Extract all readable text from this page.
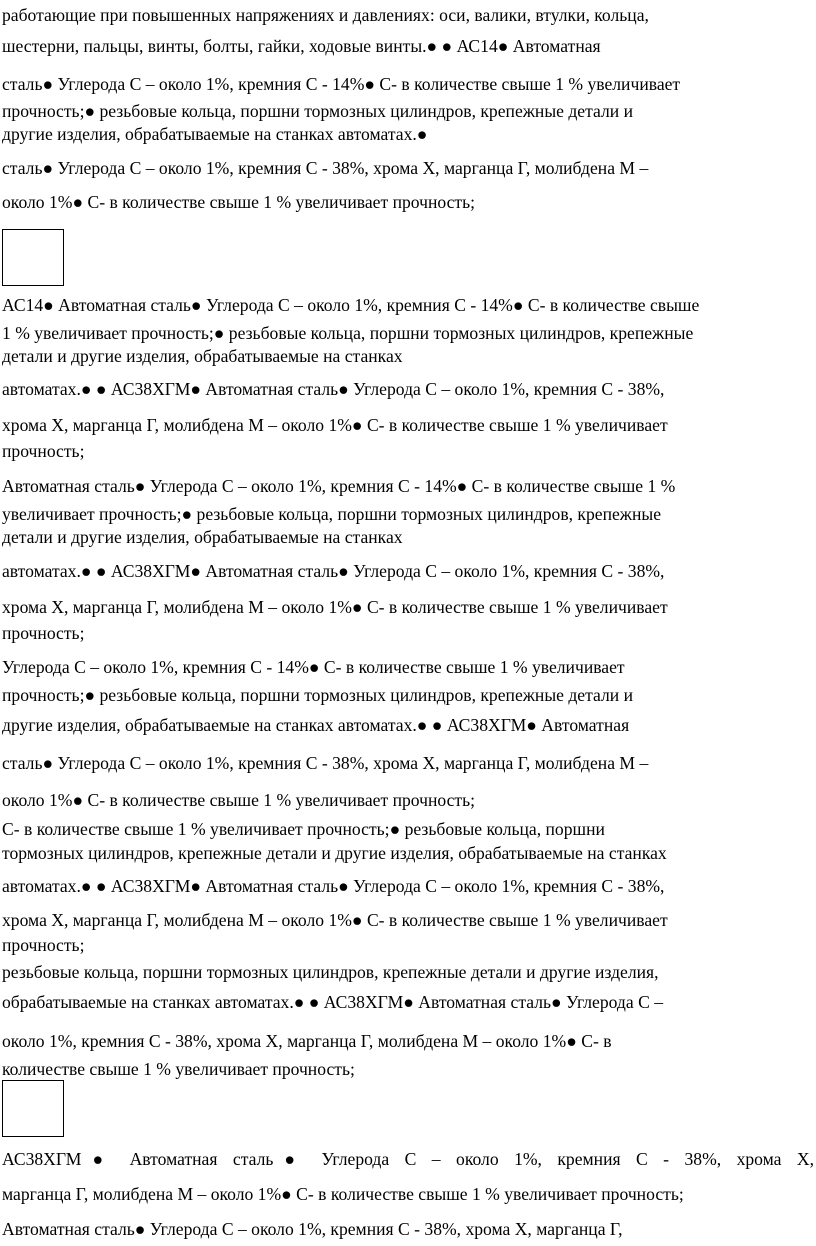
работающие при повышенных напряжениях и давлениях: оси, валики, втулки, кольца,

шестерни, пальцы, винты, болты, гайки, ходовые винты.● ● АС14● Автоматная

сталь● Углерода С – около 1%, кремния С - 14%● С- в количестве свыше 1 % увеличивает

прочность;● резьбовые кольца, поршни тормозных цилиндров, крепежные детали и

другие изделия, обрабатываемые на станках автоматах.●

сталь● Углерода С – около 1%, кремния С - 38%, хрома Х, марганца Г, молибдена М –

около 1%● С- в количестве свыше 1 % увеличивает прочность;

АС14● Автоматная сталь● Углерода С – около 1%, кремния С - 14%● С- в количестве свыше

1 % увеличивает прочность;● резьбовые кольца, поршни тормозных цилиндров, крепежные

детали и другие изделия, обрабатываемые на станках

автоматах.● ● АС38ХГМ● Автоматная сталь● Углерода С – около 1%, кремния С - 38%,

хрома Х, марганца Г, молибдена М – около 1%● С- в количестве свыше 1 % увеличивает

прочность;

Автоматная сталь● Углерода С – около 1%, кремния С - 14%● С- в количестве свыше 1 %

увеличивает прочность;● резьбовые кольца, поршни тормозных цилиндров, крепежные

детали и другие изделия, обрабатываемые на станках

автоматах.● ● АС38ХГМ● Автоматная сталь● Углерода С – около 1%, кремния С - 38%,

хрома Х, марганца Г, молибдена М – около 1%● С- в количестве свыше 1 % увеличивает

прочность;

Углерода С – около 1%, кремния С - 14%● С- в количестве свыше 1 % увеличивает

прочность;● резьбовые кольца, поршни тормозных цилиндров, крепежные детали и

другие изделия, обрабатываемые на станках автоматах.● ● АС38ХГМ● Автоматная

сталь● Углерода С – около 1%, кремния С - 38%, хрома Х, марганца Г, молибдена М –

около 1%● С- в количестве свыше 1 % увеличивает прочность;

С- в количестве свыше 1 % увеличивает прочность;● резьбовые кольца, поршни

тормозных цилиндров, крепежные детали и другие изделия, обрабатываемые на станках

автоматах.● ● АС38ХГМ● Автоматная сталь● Углерода С – около 1%, кремния С - 38%,

хрома Х, марганца Г, молибдена М – около 1%● С- в количестве свыше 1 % увеличивает

прочность;

резьбовые кольца, поршни тормозных цилиндров, крепежные детали и другие изделия,

обрабатываемые на станках автоматах.● ● АС38ХГМ● Автоматная сталь● Углерода С –

около 1%, кремния С - 38%, хрома Х, марганца Г, молибдена М – около 1%● С- в

количестве свыше 1 % увеличивает прочность;

АС38ХГМ● Автоматная сталь● Углерода С – около 1%, кремния С - 38%, хрома Х,

марганца Г, молибдена М – около 1%● С- в количестве свыше 1 % увеличивает прочность;

Автоматная сталь● Углерода С – около 1%, кремния С - 38%, хрома Х, марганца Г,
